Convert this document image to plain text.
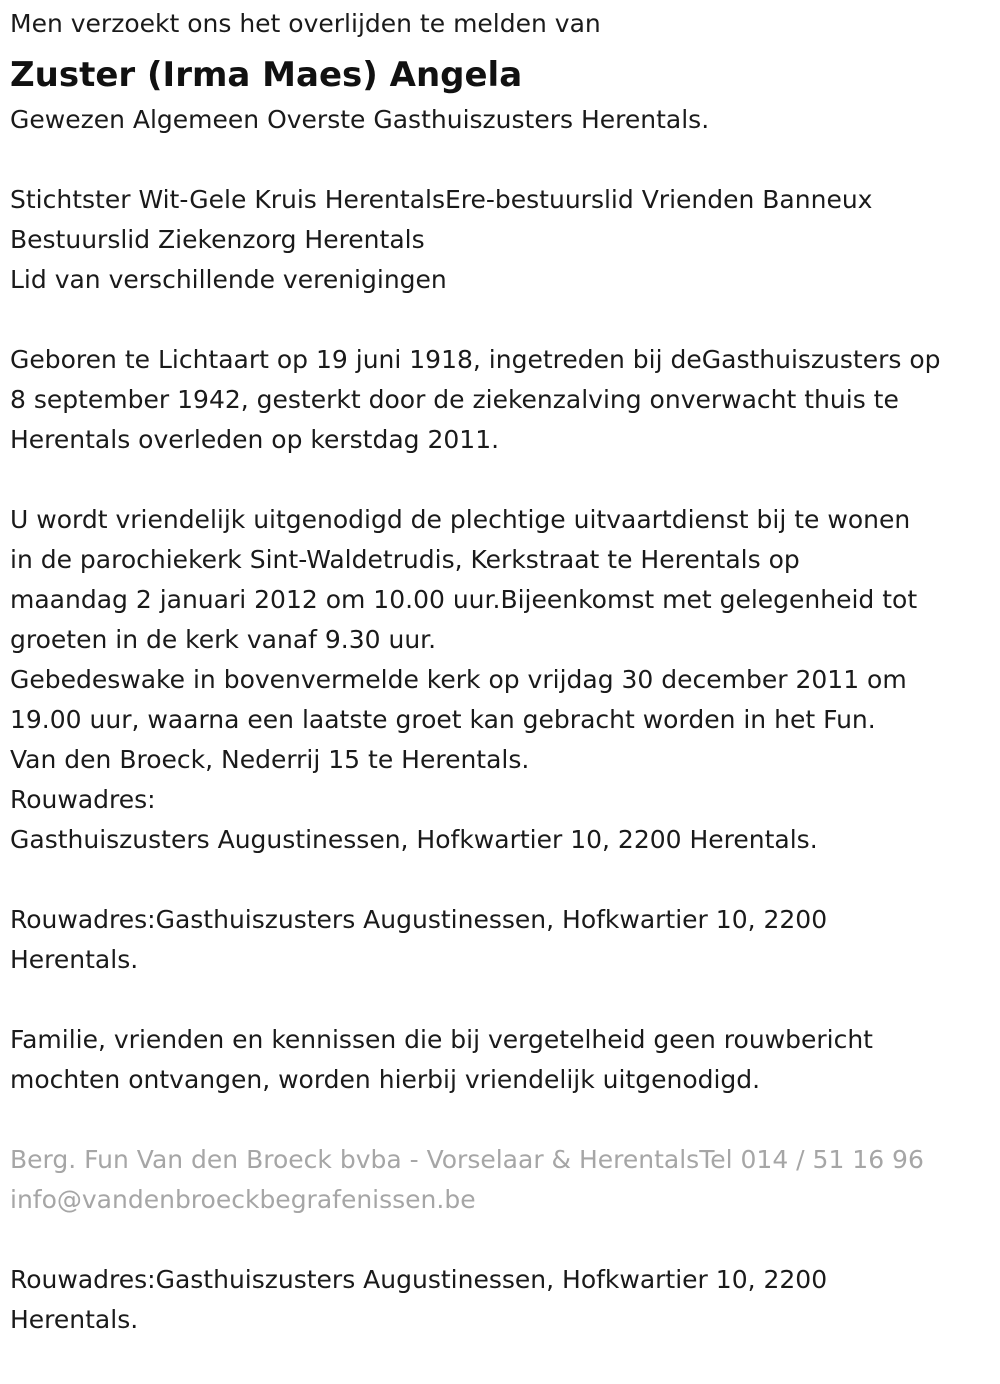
Men verzoekt ons het overlijden te melden van
Zuster (Irma Maes) Angela
Gewezen Algemeen Overste Gasthuiszusters Herentals.
Stichtster Wit-Gele Kruis HerentalsEre-bestuurslid Vrienden Banneux
Bestuurslid Ziekenzorg Herentals
Lid van verschillende verenigingen
Geboren te Lichtaart op 19 juni 1918, ingetreden bij deGasthuiszusters op
8 september 1942, gesterkt door de ziekenzalving onverwacht thuis te
Herentals overleden op kerstdag 2011.
U wordt vriendelijk uitgenodigd de plechtige uitvaartdienst bij te wonen
in de parochiekerk Sint-Waldetrudis, Kerkstraat te Herentals op
maandag 2 januari 2012 om 10.00 uur.Bijeenkomst met gelegenheid tot
groeten in de kerk vanaf 9.30 uur.
Gebedeswake in bovenvermelde kerk op vrijdag 30 december 2011 om
19.00 uur, waarna een laatste groet kan gebracht worden in het Fun.
Van den Broeck, Nederrij 15 te Herentals.
Rouwadres:
Gasthuiszusters Augustinessen, Hofkwartier 10, 2200 Herentals.
Rouwadres:Gasthuiszusters Augustinessen, Hofkwartier 10, 2200
Herentals.
Familie, vrienden en kennissen die bij vergetelheid geen rouwbericht
mochten ontvangen, worden hierbij vriendelijk uitgenodigd.
Berg. Fun Van den Broeck bvba - Vorselaar & HerentalsTel 014 / 51 16 96
info@vandenbroeckbegrafenissen.be
Rouwadres:Gasthuiszusters Augustinessen, Hofkwartier 10, 2200
Herentals.
